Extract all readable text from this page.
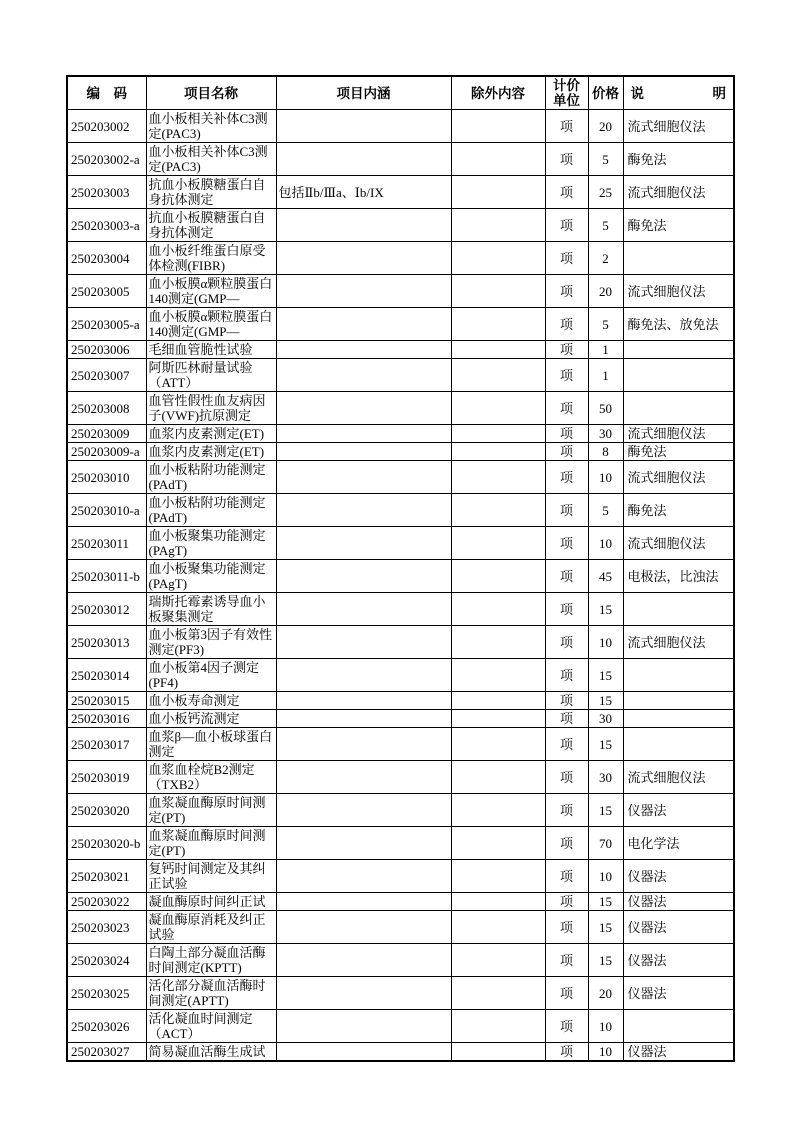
编　码	项目名称	项目内涵	除外内容	计价单位	价格	说明
250203002	血小板相关补体C3测定(PAC3)			项	20	流式细胞仪法
250203002-a	血小板相关补体C3测定(PAC3)			项	5	酶免法
250203003	抗血小板膜糖蛋白自身抗体测定	包括Ⅱb/Ⅲa、Ⅰb/IX		项	25	流式细胞仪法
250203003-a	抗血小板膜糖蛋白自身抗体测定			项	5	酶免法
250203004	血小板纤维蛋白原受体检测(FIBR)			项	2	
250203005	血小板膜α颗粒膜蛋白140测定(GMP—			项	20	流式细胞仪法
250203005-a	血小板膜α颗粒膜蛋白140测定(GMP—			项	5	酶免法、放免法
250203006	毛细血管脆性试验			项	1	
250203007	阿斯匹林耐量试验（ATT）			项	1	
250203008	血管性假性血友病因子(VWF)抗原测定			项	50	
250203009	血浆内皮素测定(ET)			项	30	流式细胞仪法
250203009-a	血浆内皮素测定(ET)			项	8	酶免法
250203010	血小板粘附功能测定(PAdT)			项	10	流式细胞仪法
250203010-a	血小板粘附功能测定(PAdT)			项	5	酶免法
250203011	血小板聚集功能测定(PAgT)			项	10	流式细胞仪法
250203011-b	血小板聚集功能测定(PAgT)			项	45	电极法，比浊法
250203012	瑞斯托霉素诱导血小板聚集测定			项	15	
250203013	血小板第3因子有效性测定(PF3)			项	10	流式细胞仪法
250203014	血小板第4因子测定(PF4)			项	15	
250203015	血小板寿命测定			项	15	
250203016	血小板钙流测定			项	30	
250203017	血浆β—血小板球蛋白测定			项	15	
250203019	血浆血栓烷B2测定（TXB2）			项	30	流式细胞仪法
250203020	血浆凝血酶原时间测定(PT)			项	15	仪器法
250203020-b	血浆凝血酶原时间测定(PT)			项	70	电化学法
250203021	复钙时间测定及其纠正试验			项	10	仪器法
250203022	凝血酶原时间纠正试			项	15	仪器法
250203023	凝血酶原消耗及纠正试验			项	15	仪器法
250203024	白陶土部分凝血活酶时间测定(KPTT)			项	15	仪器法
250203025	活化部分凝血活酶时间测定(APTT)			项	20	仪器法
250203026	活化凝血时间测定（ACT）			项	10	
250203027	简易凝血活酶生成试			项	10	仪器法
